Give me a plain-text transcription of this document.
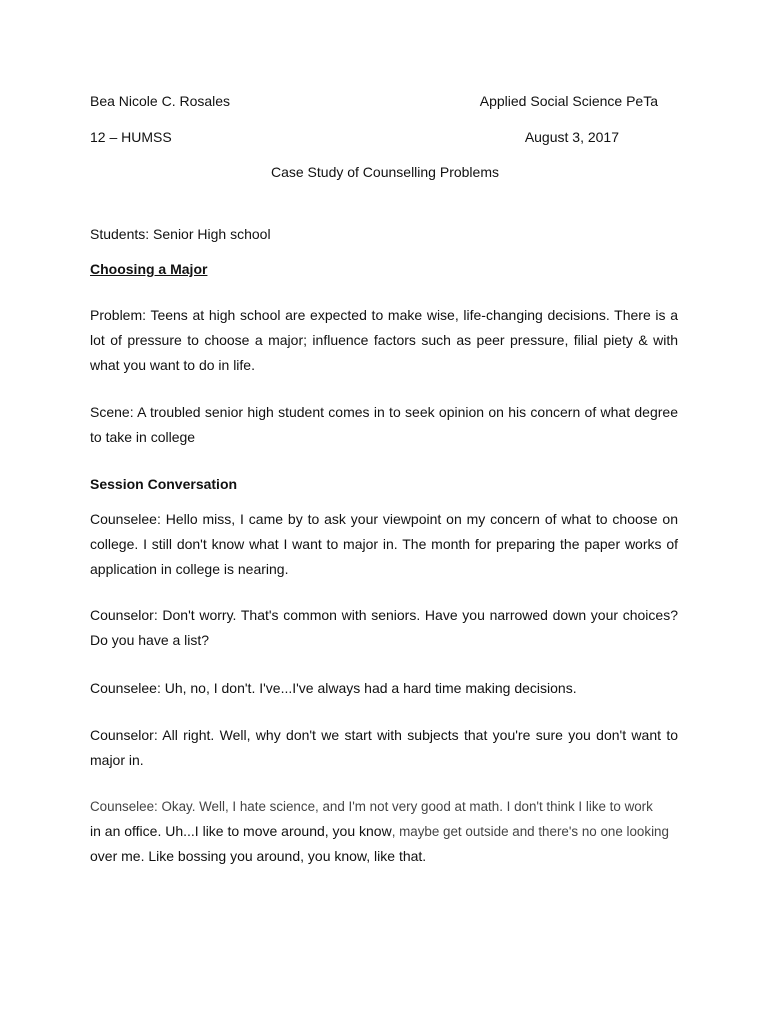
Bea Nicole C. Rosales	Applied Social Science PeTa
12 – HUMSS	August 3, 2017
Case Study of Counselling Problems
Students: Senior High school
Choosing a Major
Problem: Teens at high school are expected to make wise, life-changing decisions. There is a lot of pressure to choose a major; influence factors such as peer pressure, filial piety & with what you want to do in life.
Scene: A troubled senior high student comes in to seek opinion on his concern of what degree to take in college
Session Conversation
Counselee: Hello miss, I came by to ask your viewpoint on my concern of what to choose on college. I still don't know what I want to major in. The month for preparing the paper works of application in college is nearing.
Counselor: Don't worry. That's common with seniors. Have you narrowed down your choices? Do you have a list?
Counselee: Uh, no, I don't. I've...I've always had a hard time making decisions.
Counselor: All right. Well, why don't we start with subjects that you're sure you don't want to major in.
Counselee: Okay. Well, I hate science, and I'm not very good at math. I don't think I like to work
in an office. Uh...I like to move around, you know, maybe get outside and there's no one looking
over me. Like bossing you around, you know, like that.
